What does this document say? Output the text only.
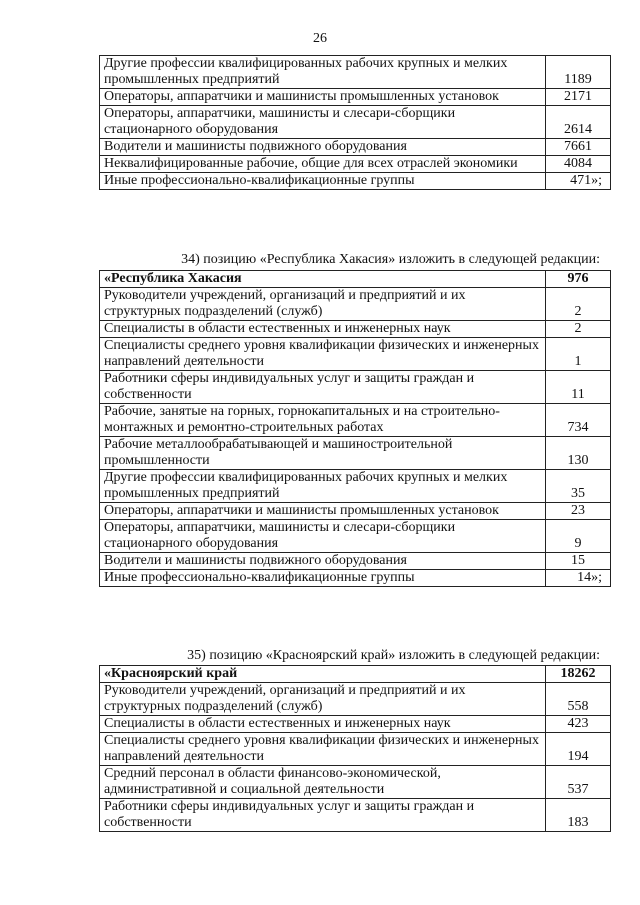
26
Другие профессии квалифицированных рабочих крупных и мелких промышленных предприятий	1189
Операторы, аппаратчики и машинисты промышленных установок	2171
Операторы, аппаратчики, машинисты и слесари-сборщики стационарного оборудования	2614
Водители и машинисты подвижного оборудования	7661
Неквалифицированные рабочие, общие для всех отраслей экономики	4084
Иные профессионально-квалификационные группы	471»;
34) позицию «Республика Хакасия» изложить в следующей редакции:
«Республика Хакасия	976
Руководители учреждений, организаций и предприятий и их структурных подразделений (служб)	2
Специалисты в области естественных и инженерных наук	2
Специалисты среднего уровня квалификации физических и инженерных направлений деятельности	1
Работники сферы индивидуальных услуг и защиты граждан и собственности	11
Рабочие, занятые на горных, горнокапитальных и на строительно-монтажных и ремонтно-строительных работах	734
Рабочие металлообрабатывающей и машиностроительной промышленности	130
Другие профессии квалифицированных рабочих крупных и мелких промышленных предприятий	35
Операторы, аппаратчики и машинисты промышленных установок	23
Операторы, аппаратчики, машинисты и слесари-сборщики стационарного оборудования	9
Водители и машинисты подвижного оборудования	15
Иные профессионально-квалификационные группы	14»;
35) позицию «Красноярский край» изложить в следующей редакции:
«Красноярский край	18262
Руководители учреждений, организаций и предприятий и их структурных подразделений (служб)	558
Специалисты в области естественных и инженерных наук	423
Специалисты среднего уровня квалификации физических и инженерных направлений деятельности	194
Средний персонал в области финансово-экономической, административной и социальной деятельности	537
Работники сферы индивидуальных услуг и защиты граждан и собственности	183
